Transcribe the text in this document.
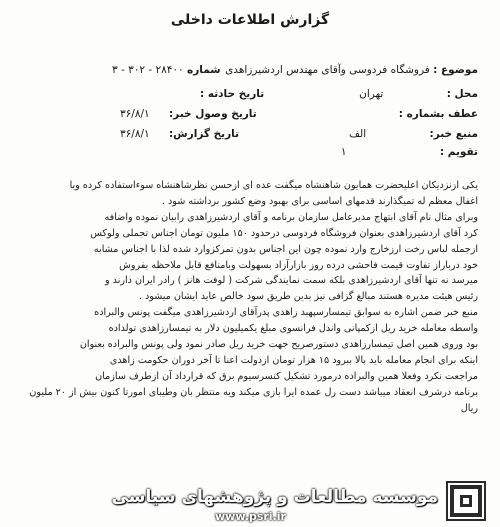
گزارش اطلاعات داخلی
موضوع : فروشگاه فردوسی وآقای مهندس اردشیرزاهدی
شماره ۲۸۴۰۰ - ۳۰۲ - ۳
محل : تهران
عطف بشماره :
منبع خبر: الف
تقویم : ۱
تاریخ حادثه :
تاریخ وصول خبر: ۳۶/۸/۱
تاریخ گزارش: ۳۶/۸/۱

یکی ازنزدیکان اعلیحضرت همایون شاهنشاه میگفت عده ای ازحسن نظرشاهنشاه سوءاستفاده کرده وبا

اغفال معظم له تمیگذارند قدمهای اساسی برای بهبود وضع کشور برداشته شود .

وبرای مثال نام آقای ابتهاج مدیرعامل سازمان برنامه و آقای اردشیرزاهدی رابیان نموده واضافه

کرد آقای اردشیرزاهدی بعنوان فروشگاه فردوسی درحدود ۱۵۰ ملیون تومان اجناس تجملی ولوکس

ازجمله لباس رخت ارزخارج وارد نموده چون این اجناس بدون تمرکزوارد شده لذا با اجناس مشابه

خود درباراز تفاوت قیمت فاحشی درده روز بازارآزاد بسهولت وبامنافع قابل ملاحظه بفروش

میرسد نه تنها آقای اردشیرزاهدی بلکه سمت نمایندگی شرکت ( لوفت هانز ) رادر ایران دارند و

رئیس هیئت مدیره هستند مبالغ گزافی نیز بدین طریق سود خالص عاید ایشان میشود .

منبع خبر ضمن اشاره به سوابق تیمسارسپهبد زاهدی پدرآقای اردشیرزاهدی میگفت پونس والبراده

واسطه معامله خرید ریل ازکمپانی واندل فرانسوی مبلغ یکمیلیون دلار به تیمسارزاهدی تولداده

بود وروی همین اصل تیمسارزاهدی دستورصریح جهت خرید ریل صادر نمود ولی پونس والبراده بعنوان

اینکه برای انجام معامله باید بالا ببرود ۱۵ هزار تومان ازدولت اعنا تا آخر دوران حکومت زاهدی

مراجعت نکرد وفعلا همین والبراده درمورد تشکیل کنسرسیوم برق که قرارداد آن ازطرف سازمان

برنامه درشرف انعقاد میباشد دست رل عمده ایرا بازی میکند ویه منتظر بان وطیبای امورتا کنون بیش از ۲۰ ملیون

ریال

موسسه مطالعات و پژوهشهای سیاسی
www.psri.ir
